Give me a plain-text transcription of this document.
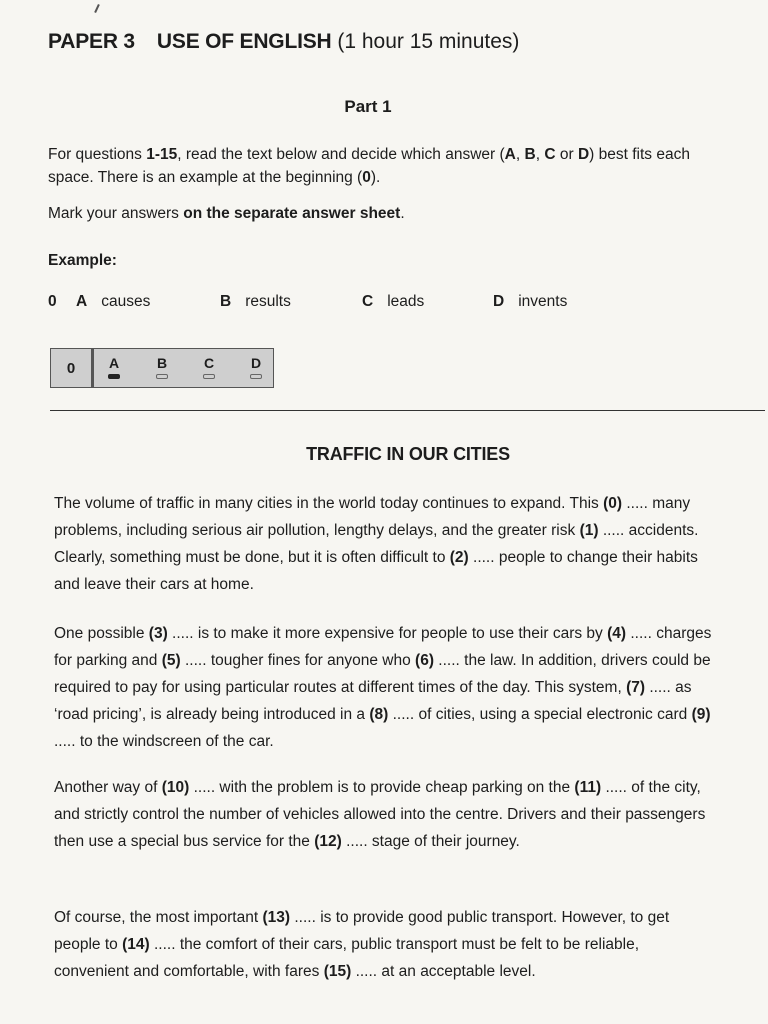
PAPER 3 USE OF ENGLISH (1 hour 15 minutes)
Part 1
For questions 1-15, read the text below and decide which answer (A, B, C or D) best fits each space. There is an example at the beginning (0).
Mark your answers on the separate answer sheet.
Example:
0 A causes	B results	C leads	D invents
0	A	B	C	D
TRAFFIC IN OUR CITIES
The volume of traffic in many cities in the world today continues to expand. This (0) ..... many problems, including serious air pollution, lengthy delays, and the greater risk (1) ..... accidents. Clearly, something must be done, but it is often difficult to (2) ..... people to change their habits and leave their cars at home.
One possible (3) ..... is to make it more expensive for people to use their cars by (4) ..... charges for parking and (5) ..... tougher fines for anyone who (6) ..... the law. In addition, drivers could be required to pay for using particular routes at different times of the day. This system, (7) ..... as ‘road pricing’, is already being introduced in a (8) ..... of cities, using a special electronic card (9) ..... to the windscreen of the car.
Another way of (10) ..... with the problem is to provide cheap parking on the (11) ..... of the city, and strictly control the number of vehicles allowed into the centre. Drivers and their passengers then use a special bus service for the (12) ..... stage of their journey.
Of course, the most important (13) ..... is to provide good public transport. However, to get people to (14) ..... the comfort of their cars, public transport must be felt to be reliable, convenient and comfortable, with fares (15) ..... at an acceptable level.
